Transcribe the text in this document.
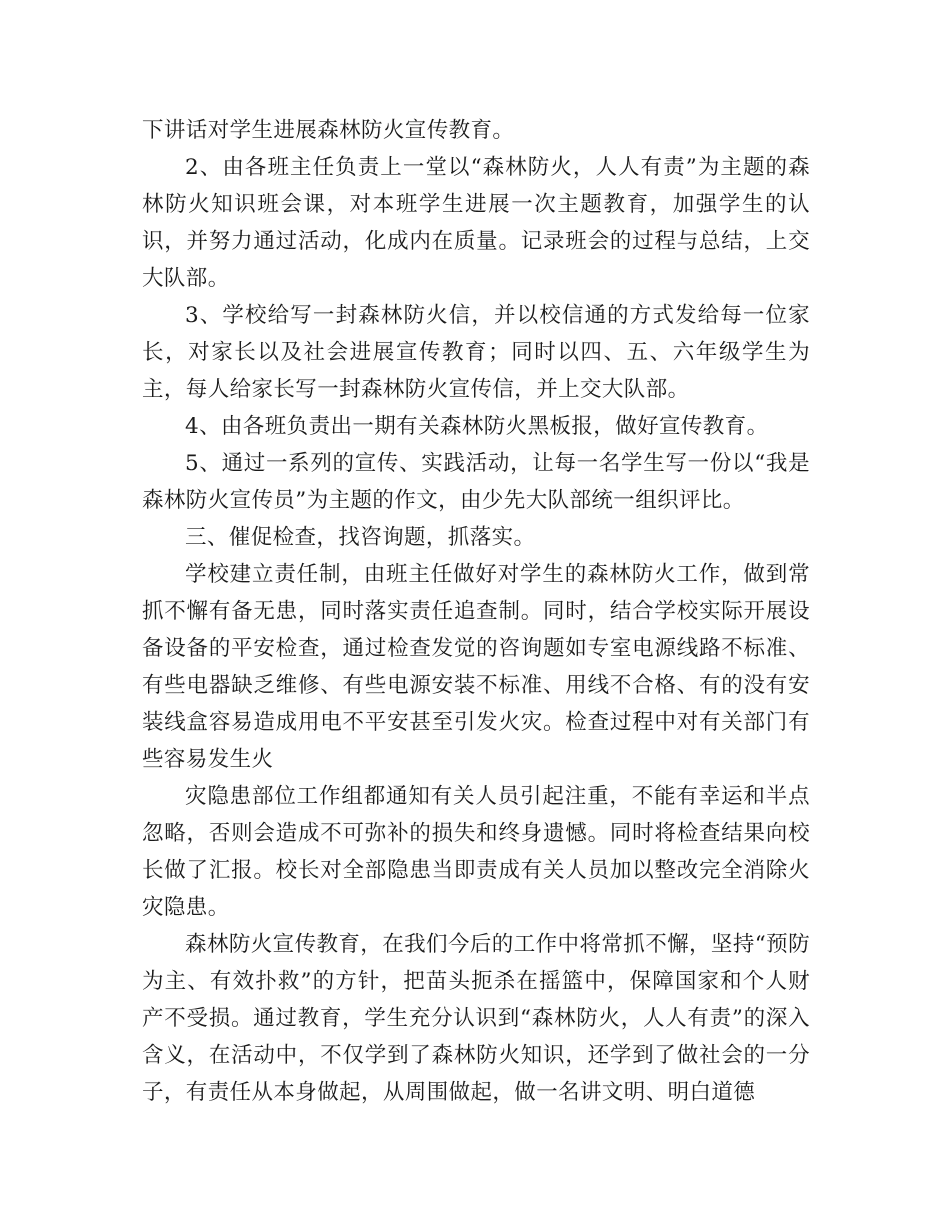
下讲话对学生进展森林防火宣传教育。

2、由各班主任负责上一堂以“森林防火，人人有责”为主题的森林防火知识班会课，对本班学生进展一次主题教育，加强学生的认识，并努力通过活动，化成内在质量。记录班会的过程与总结，上交大队部。

3、学校给写一封森林防火信，并以校信通的方式发给每一位家长，对家长以及社会进展宣传教育；同时以四、五、六年级学生为主，每人给家长写一封森林防火宣传信，并上交大队部。

4、由各班负责出一期有关森林防火黑板报，做好宣传教育。

5、通过一系列的宣传、实践活动，让每一名学生写一份以“我是森林防火宣传员”为主题的作文，由少先大队部统一组织评比。

三、催促检查，找咨询题，抓落实。

学校建立责任制，由班主任做好对学生的森林防火工作，做到常抓不懈有备无患，同时落实责任追查制。同时，结合学校实际开展设备设备的平安检查，通过检查发觉的咨询题如专室电源线路不标准、有些电器缺乏维修、有些电源安装不标准、用线不合格、有的没有安装线盒容易造成用电不平安甚至引发火灾。检查过程中对有关部门有些容易发生火

灾隐患部位工作组都通知有关人员引起注重，不能有幸运和半点忽略，否则会造成不可弥补的损失和终身遗憾。同时将检查结果向校长做了汇报。校长对全部隐患当即责成有关人员加以整改完全消除火灾隐患。

森林防火宣传教育，在我们今后的工作中将常抓不懈，坚持“预防为主、有效扑救”的方针，把苗头扼杀在摇篮中，保障国家和个人财产不受损。通过教育，学生充分认识到“森林防火，人人有责”的深入含义，在活动中，不仅学到了森林防火知识，还学到了做社会的一分子，有责任从本身做起，从周围做起，做一名讲文明、明白道德
